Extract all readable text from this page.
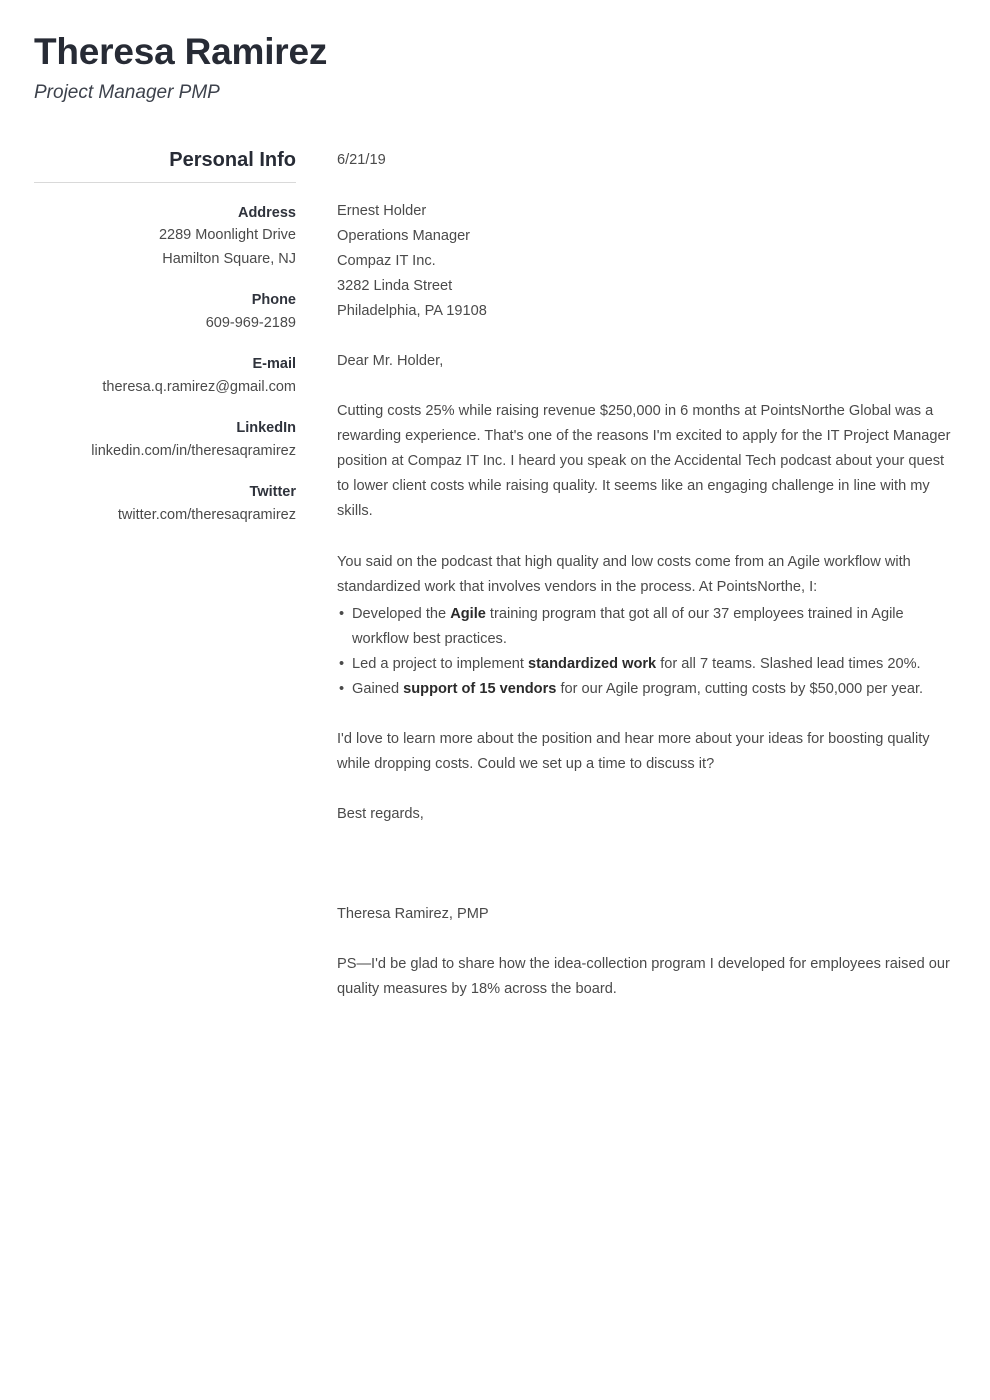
Theresa Ramirez
Project Manager PMP
Personal Info
Address
2289 Moonlight Drive
Hamilton Square, NJ
Phone
609-969-2189
E-mail
theresa.q.ramirez@gmail.com
LinkedIn
linkedin.com/in/theresaqramirez
Twitter
twitter.com/theresaqramirez
6/21/19
Ernest Holder
Operations Manager
Compaz IT Inc.
3282 Linda Street
Philadelphia, PA 19108
Dear Mr. Holder,

Cutting costs 25% while raising revenue $250,000 in 6 months at PointsNorthe Global was a rewarding experience. That's one of the reasons I'm excited to apply for the IT Project Manager position at Compaz IT Inc. I heard you speak on the Accidental Tech podcast about your quest to lower client costs while raising quality. It seems like an engaging challenge in line with my skills.

You said on the podcast that high quality and low costs come from an Agile workflow with standardized work that involves vendors in the process. At PointsNorthe, I:

• Developed the Agile training program that got all of our 37 employees trained in Agile workflow best practices.
• Led a project to implement standardized work for all 7 teams. Slashed lead times 20%.
• Gained support of 15 vendors for our Agile program, cutting costs by $50,000 per year.

I'd love to learn more about the position and hear more about your ideas for boosting quality while dropping costs. Could we set up a time to discuss it?

Best regards,
Theresa Ramirez, PMP

PS—I'd be glad to share how the idea-collection program I developed for employees raised our quality measures by 18% across the board.
